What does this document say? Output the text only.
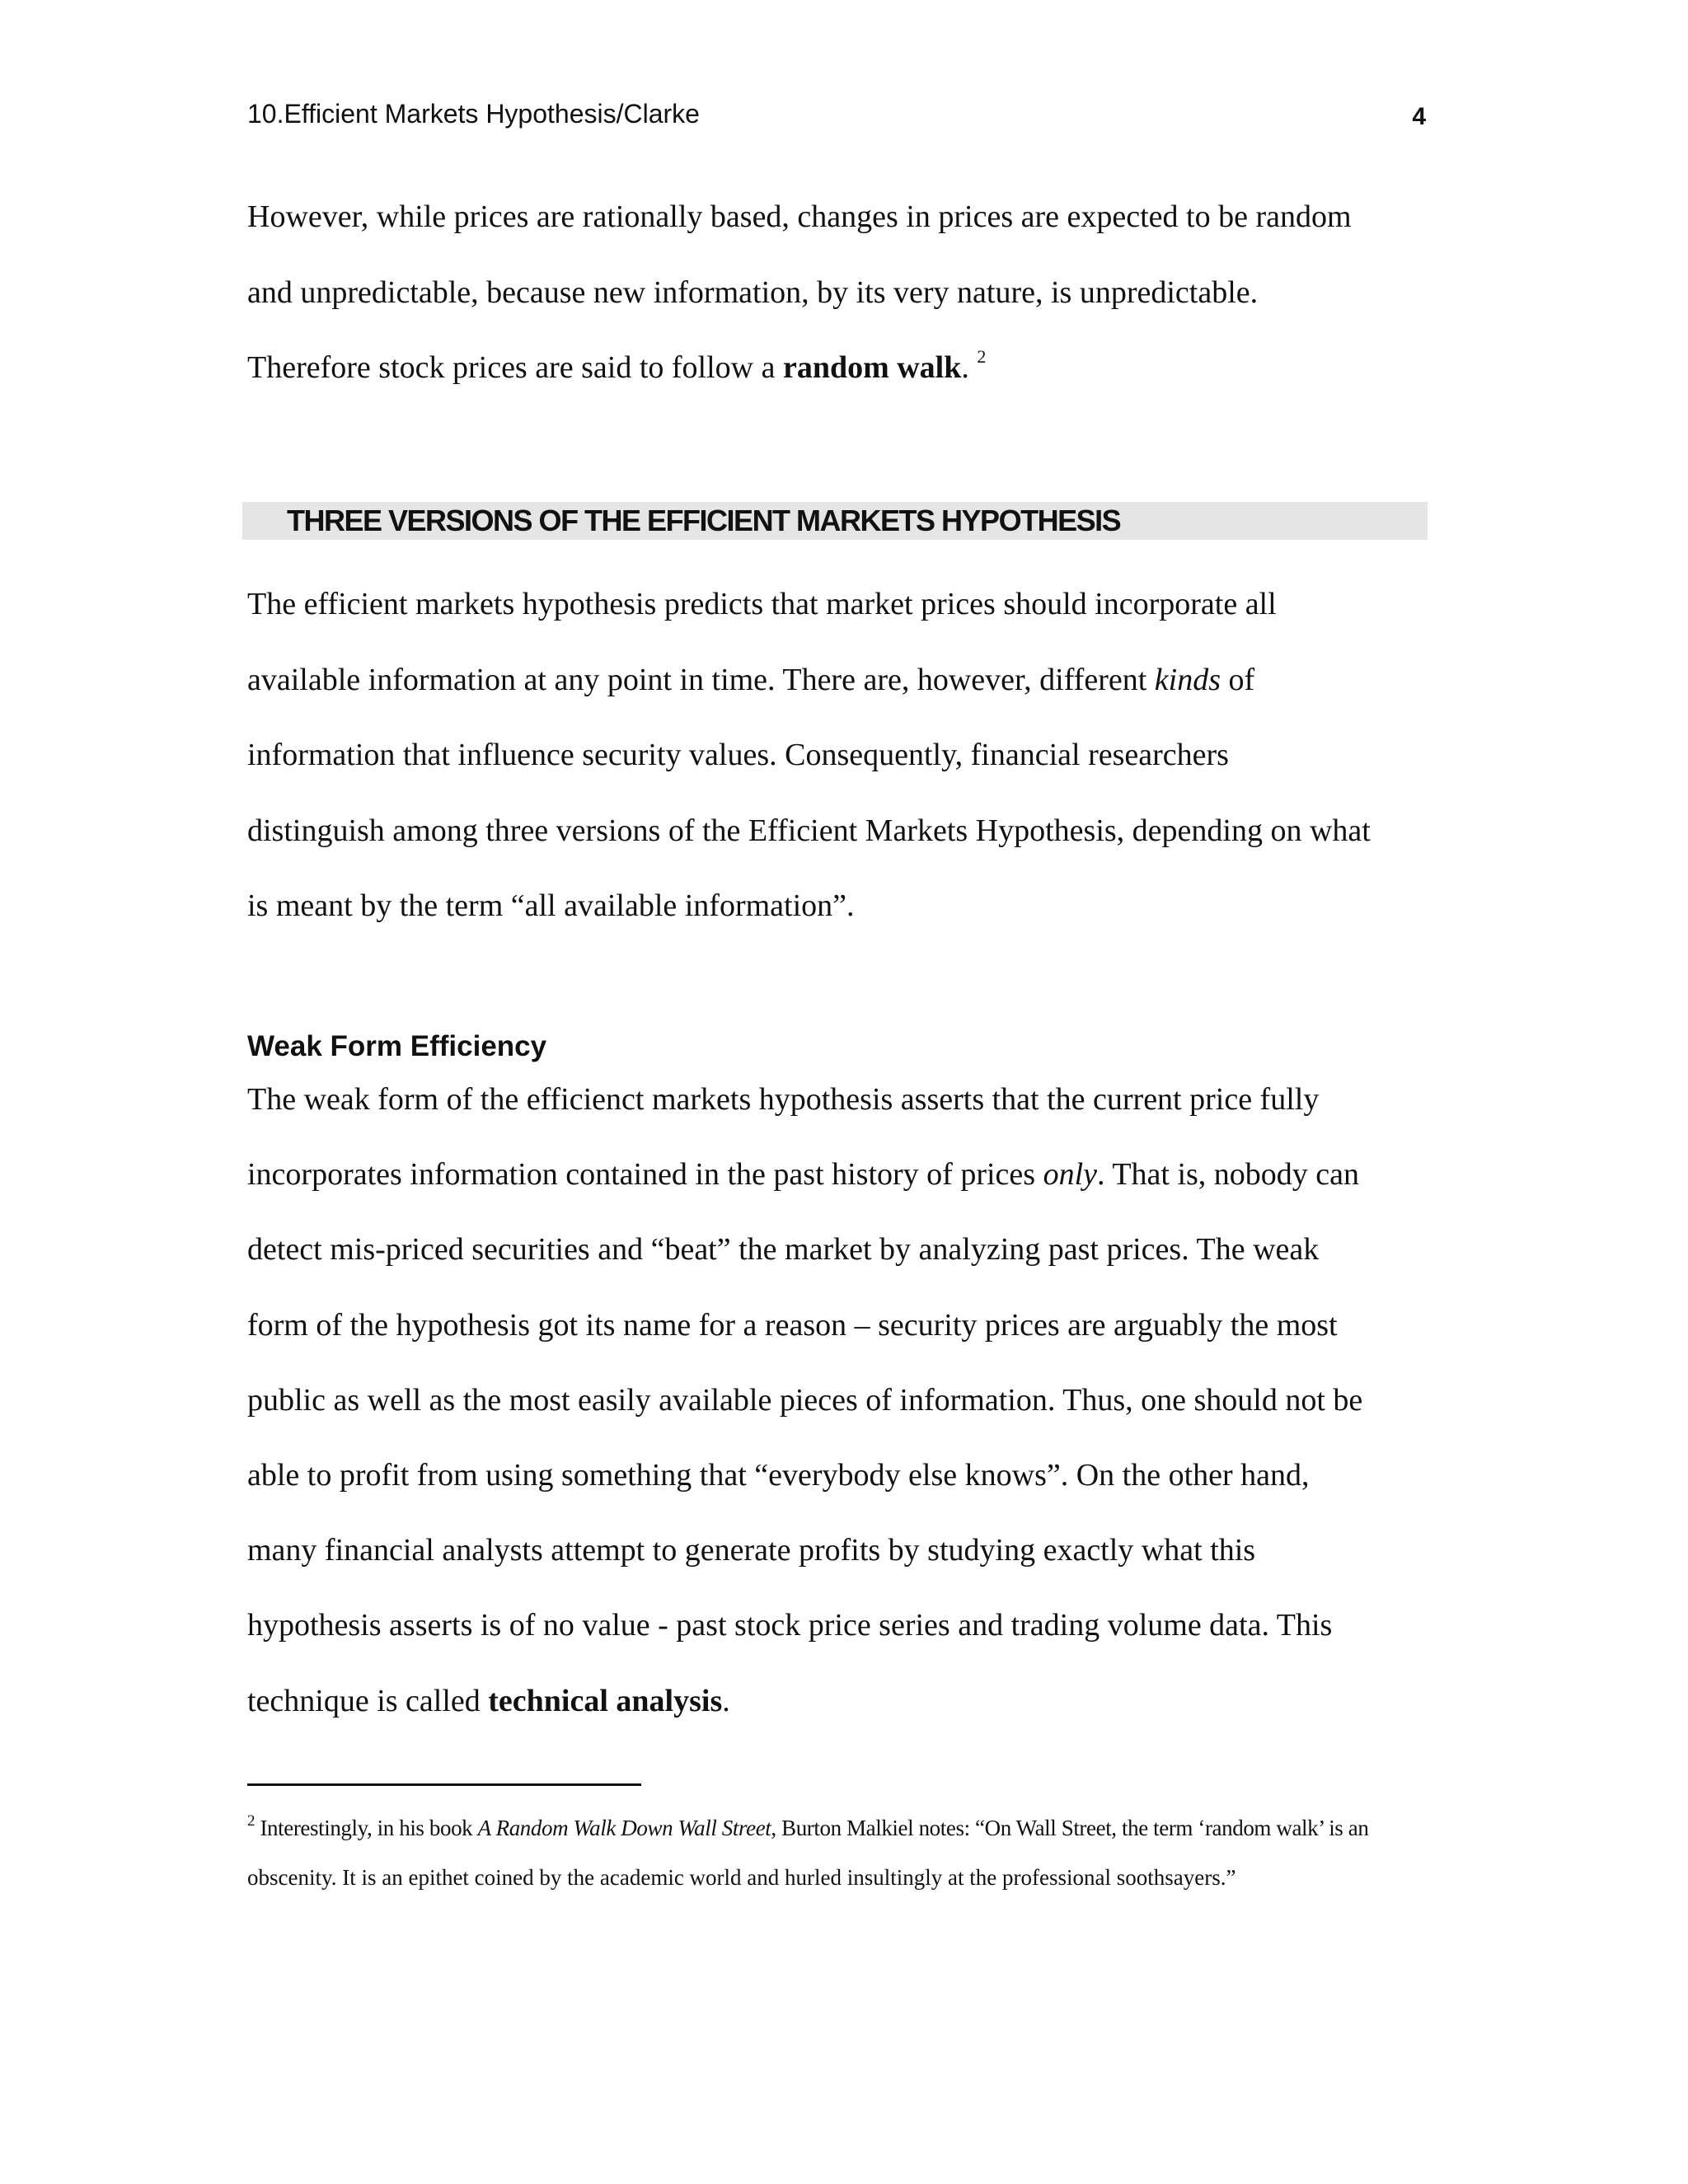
10.Efficient Markets Hypothesis/Clarke	4

However, while prices are rationally based, changes in prices are expected to be random
and unpredictable, because new information, by its very nature, is unpredictable.
Therefore stock prices are said to follow a random walk. $^2$

THREE VERSIONS OF THE EFFICIENT MARKETS HYPOTHESIS

The efficient markets hypothesis predicts that market prices should incorporate all
available information at any point in time. There are, however, different kinds of
information that influence security values. Consequently, financial researchers
distinguish among three versions of the Efficient Markets Hypothesis, depending on what
is meant by the term “all available information”.

Weak Form Efficiency

The weak form of the efficienct markets hypothesis asserts that the current price fully
incorporates information contained in the past history of prices only. That is, nobody can
detect mis-priced securities and “beat” the market by analyzing past prices. The weak
form of the hypothesis got its name for a reason – security prices are arguably the most
public as well as the most easily available pieces of information. Thus, one should not be
able to profit from using something that “everybody else knows”. On the other hand,
many financial analysts attempt to generate profits by studying exactly what this
hypothesis asserts is of no value - past stock price series and trading volume data. This
technique is called technical analysis.

$^2$ Interestingly, in his book A Random Walk Down Wall Street, Burton Malkiel notes: “On Wall Street, the term ‘random walk’ is an
obscenity. It is an epithet coined by the academic world and hurled insultingly at the professional soothsayers.”
